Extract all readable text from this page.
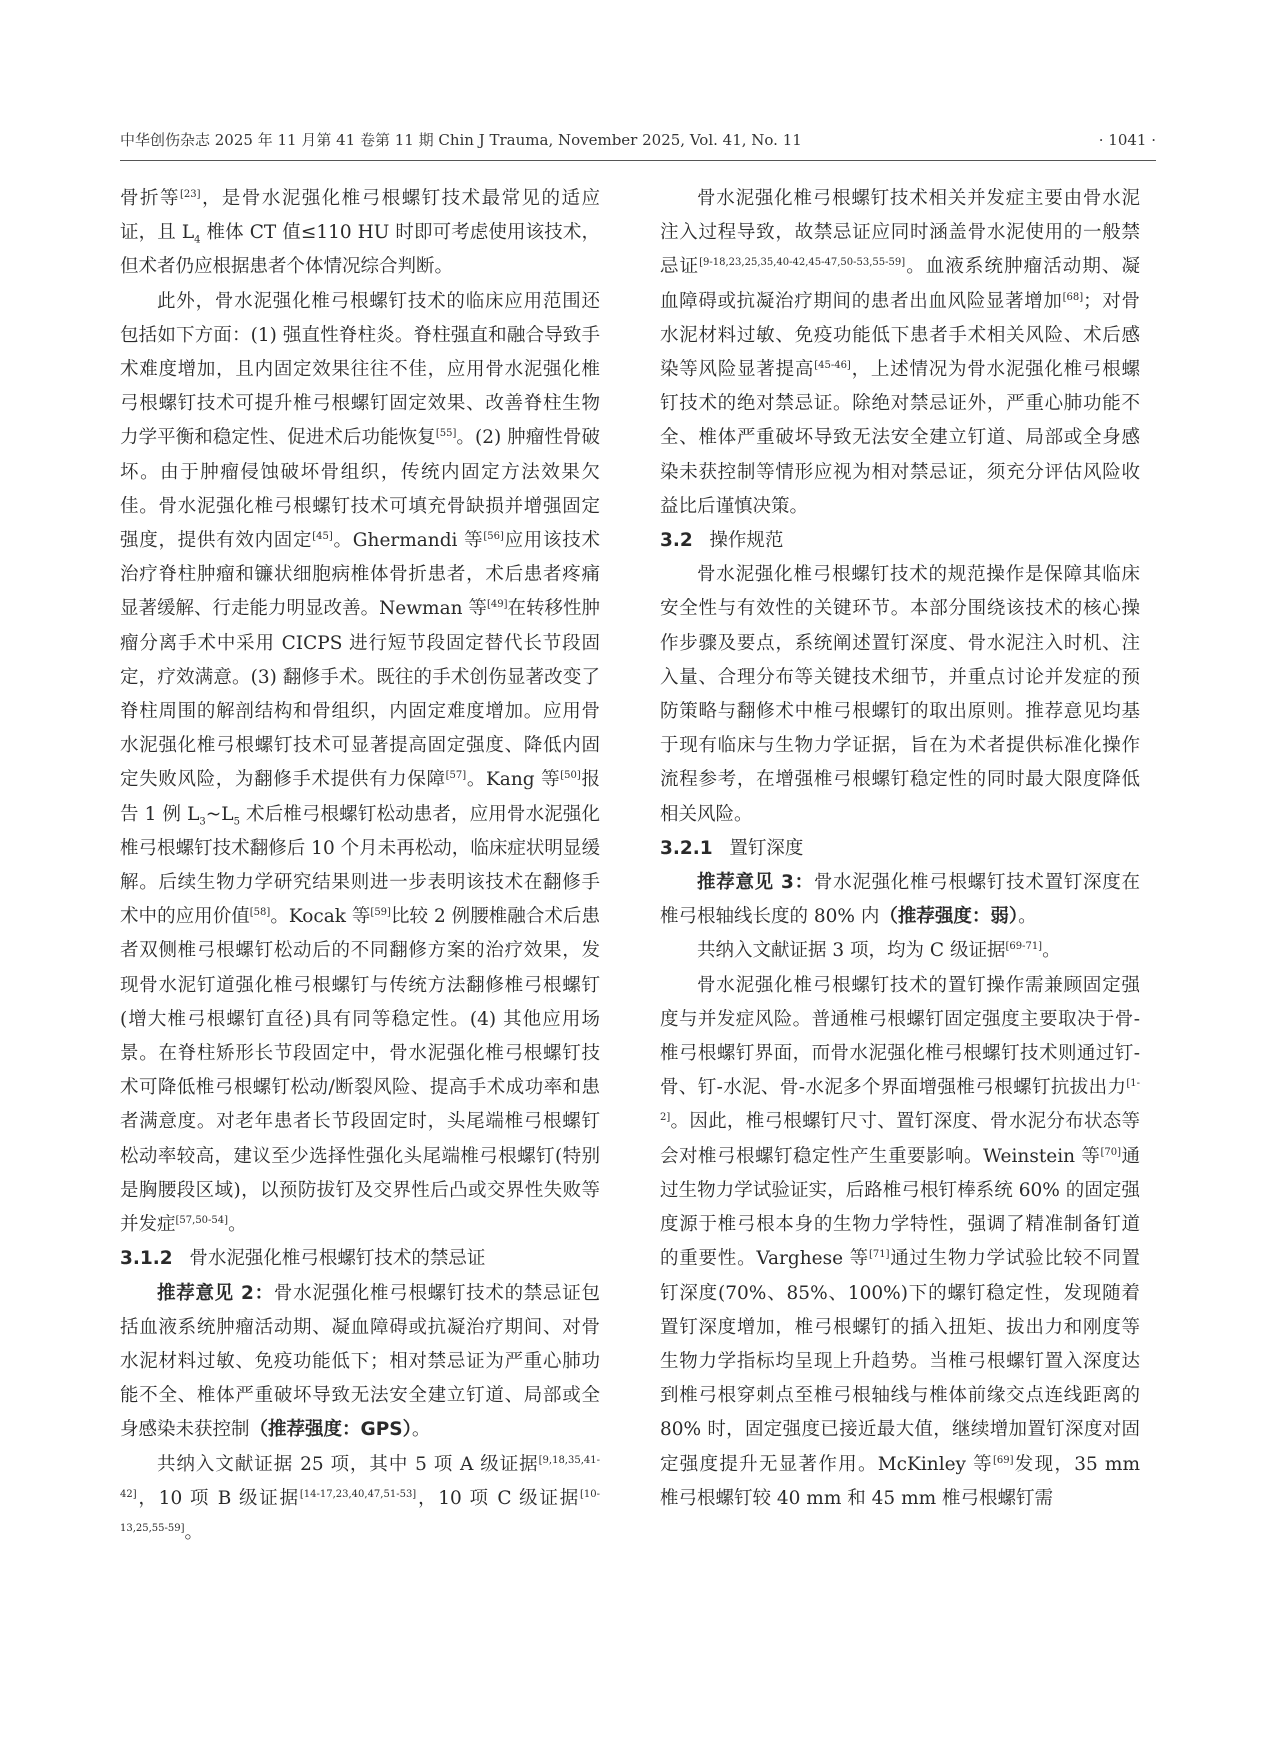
中华创伤杂志 2025 年 11 月第 41 卷第 11 期 Chin J Trauma, November 2025, Vol. 41, No. 11	· 1041 ·

骨折等[23]，是骨水泥强化椎弓根螺钉技术最常见的适应证，且 $L_4$ 椎体 CT 值≤110 HU 时即可考虑使用该技术，但术者仍应根据患者个体情况综合判断。

此外，骨水泥强化椎弓根螺钉技术的临床应用范围还包括如下方面：(1) 强直性脊柱炎。脊柱强直和融合导致手术难度增加，且内固定效果往往不佳，应用骨水泥强化椎弓根螺钉技术可提升椎弓根螺钉固定效果、改善脊柱生物力学平衡和稳定性、促进术后功能恢复[55]。(2) 肿瘤性骨破坏。由于肿瘤侵蚀破坏骨组织，传统内固定方法效果欠佳。骨水泥强化椎弓根螺钉技术可填充骨缺损并增强固定强度，提供有效内固定[45]。Ghermandi 等[56]应用该技术治疗脊柱肿瘤和镰状细胞病椎体骨折患者，术后患者疼痛显著缓解、行走能力明显改善。Newman 等[49]在转移性肿瘤分离手术中采用 CICPS 进行短节段固定替代长节段固定，疗效满意。(3) 翻修手术。既往的手术创伤显著改变了脊柱周围的解剖结构和骨组织，内固定难度增加。应用骨水泥强化椎弓根螺钉技术可显著提高固定强度、降低内固定失败风险，为翻修手术提供有力保障[57]。Kang 等[50]报告 1 例 $L_3\sim L_5$ 术后椎弓根螺钉松动患者，应用骨水泥强化椎弓根螺钉技术翻修后 10 个月未再松动，临床症状明显缓解。后续生物力学研究结果则进一步表明该技术在翻修手术中的应用价值[58]。Kocak 等[59]比较 2 例腰椎融合术后患者双侧椎弓根螺钉松动后的不同翻修方案的治疗效果，发现骨水泥钉道强化椎弓根螺钉与传统方法翻修椎弓根螺钉(增大椎弓根螺钉直径)具有同等稳定性。(4) 其他应用场景。在脊柱矫形长节段固定中，骨水泥强化椎弓根螺钉技术可降低椎弓根螺钉松动/断裂风险、提高手术成功率和患者满意度。对老年患者长节段固定时，头尾端椎弓根螺钉松动率较高，建议至少选择性强化头尾端椎弓根螺钉(特别是胸腰段区域)，以预防拔钉及交界性后凸或交界性失败等并发症[57,50-54]。

3.1.2 骨水泥强化椎弓根螺钉技术的禁忌证

推荐意见 2：骨水泥强化椎弓根螺钉技术的禁忌证包括血液系统肿瘤活动期、凝血障碍或抗凝治疗期间、对骨水泥材料过敏、免疫功能低下；相对禁忌证为严重心肺功能不全、椎体严重破坏导致无法安全建立钉道、局部或全身感染未获控制（推荐强度：GPS）。

共纳入文献证据 25 项，其中 5 项 A 级证据[9,18,35,41-42]，10 项 B 级证据[14-17,23,40,47,51-53]，10 项 C 级证据[10-13,25,55-59]。

骨水泥强化椎弓根螺钉技术相关并发症主要由骨水泥注入过程导致，故禁忌证应同时涵盖骨水泥使用的一般禁忌证[9-18,23,25,35,40-42,45-47,50-53,55-59]。血液系统肿瘤活动期、凝血障碍或抗凝治疗期间的患者出血风险显著增加[68]；对骨水泥材料过敏、免疫功能低下患者手术相关风险、术后感染等风险显著提高[45-46]，上述情况为骨水泥强化椎弓根螺钉技术的绝对禁忌证。除绝对禁忌证外，严重心肺功能不全、椎体严重破坏导致无法安全建立钉道、局部或全身感染未获控制等情形应视为相对禁忌证，须充分评估风险收益比后谨慎决策。

3.2 操作规范

骨水泥强化椎弓根螺钉技术的规范操作是保障其临床安全性与有效性的关键环节。本部分围绕该技术的核心操作步骤及要点，系统阐述置钉深度、骨水泥注入时机、注入量、合理分布等关键技术细节，并重点讨论并发症的预防策略与翻修术中椎弓根螺钉的取出原则。推荐意见均基于现有临床与生物力学证据，旨在为术者提供标准化操作流程参考，在增强椎弓根螺钉稳定性的同时最大限度降低相关风险。

3.2.1 置钉深度

推荐意见 3：骨水泥强化椎弓根螺钉技术置钉深度在椎弓根轴线长度的 80% 内（推荐强度：弱）。

共纳入文献证据 3 项，均为 C 级证据[69-71]。

骨水泥强化椎弓根螺钉技术的置钉操作需兼顾固定强度与并发症风险。普通椎弓根螺钉固定强度主要取决于骨-椎弓根螺钉界面，而骨水泥强化椎弓根螺钉技术则通过钉-骨、钉-水泥、骨-水泥多个界面增强椎弓根螺钉抗拔出力[1-2]。因此，椎弓根螺钉尺寸、置钉深度、骨水泥分布状态等会对椎弓根螺钉稳定性产生重要影响。Weinstein 等[70]通过生物力学试验证实，后路椎弓根钉棒系统 60% 的固定强度源于椎弓根本身的生物力学特性，强调了精准制备钉道的重要性。Varghese 等[71]通过生物力学试验比较不同置钉深度(70%、85%、100%)下的螺钉稳定性，发现随着置钉深度增加，椎弓根螺钉的插入扭矩、拔出力和刚度等生物力学指标均呈现上升趋势。当椎弓根螺钉置入深度达到椎弓根穿刺点至椎弓根轴线与椎体前缘交点连线距离的 80% 时，固定强度已接近最大值，继续增加置钉深度对固定强度提升无显著作用。McKinley 等[69]发现，35 mm 椎弓根螺钉较 40 mm 和 45 mm 椎弓根螺钉需
